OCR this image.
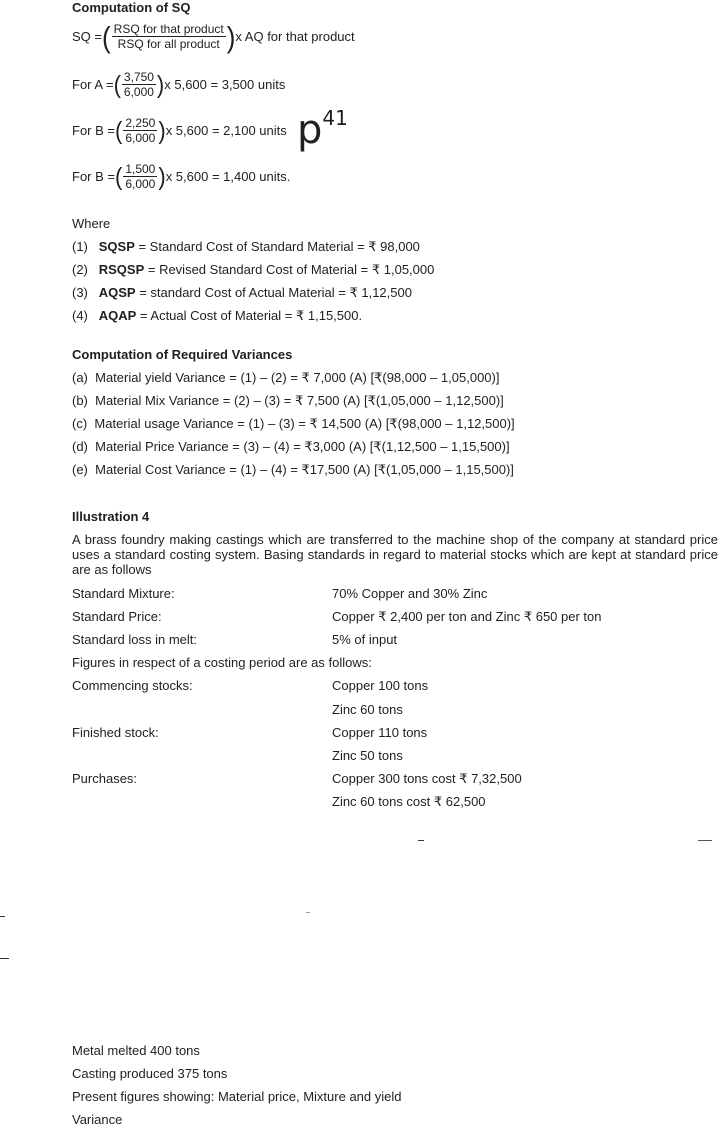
Computation of SQ
SQ = ( $\frac{\text{RSQ for that product}}{\text{RSQ for all product}}$ ) x AQ for that product
For A = ( $\frac{3,750}{6,000}$ ) x 5,600 = 3,500 units
For B = ( $\frac{2,250}{6,000}$ ) x 5,600 = 2,100 units $p^{41}$
For B = ( $\frac{1,500}{6,000}$ ) x 5,600 = 1,400 units.
Where
(1) SQSP = Standard Cost of Standard Material = ₹ 98,000
(2) RSQSP = Revised Standard Cost of Material = ₹ 1,05,000
(3) AQSP = standard Cost of Actual Material = ₹ 1,12,500
(4) AQAP = Actual Cost of Material = ₹ 1,15,500.
Computation of Required Variances
(a) Material yield Variance = (1) – (2) = ₹ 7,000 (A) [₹(98,000 – 1,05,000)]
(b) Material Mix Variance = (2) – (3) = ₹ 7,500 (A) [₹(1,05,000 – 1,12,500)]
(c) Material usage Variance = (1) – (3) = ₹ 14,500 (A) [₹(98,000 – 1,12,500)]
(d) Material Price Variance = (3) – (4) = ₹3,000 (A) [₹(1,12,500 – 1,15,500)]
(e) Material Cost Variance = (1) – (4) = ₹17,500 (A) [₹(1,05,000 – 1,15,500)]
Illustration 4
A brass foundry making castings which are transferred to the machine shop of the company at standard price uses a standard costing system. Basing standards in regard to material stocks which are kept at standard price are as follows
Standard Mixture:	70% Copper and 30% Zinc
Standard Price:	Copper ₹ 2,400 per ton and Zinc ₹ 650 per ton
Standard loss in melt:	5% of input
Figures in respect of a costing period are as follows:
Commencing stocks:	Copper 100 tons
Zinc 60 tons
Finished stock:	Copper 110 tons
Zinc 50 tons
Purchases:	Copper 300 tons cost ₹ 7,32,500
Zinc 60 tons cost ₹ 62,500
Metal melted 400 tons
Casting produced 375 tons
Present figures showing: Material price, Mixture and yield
Variance
